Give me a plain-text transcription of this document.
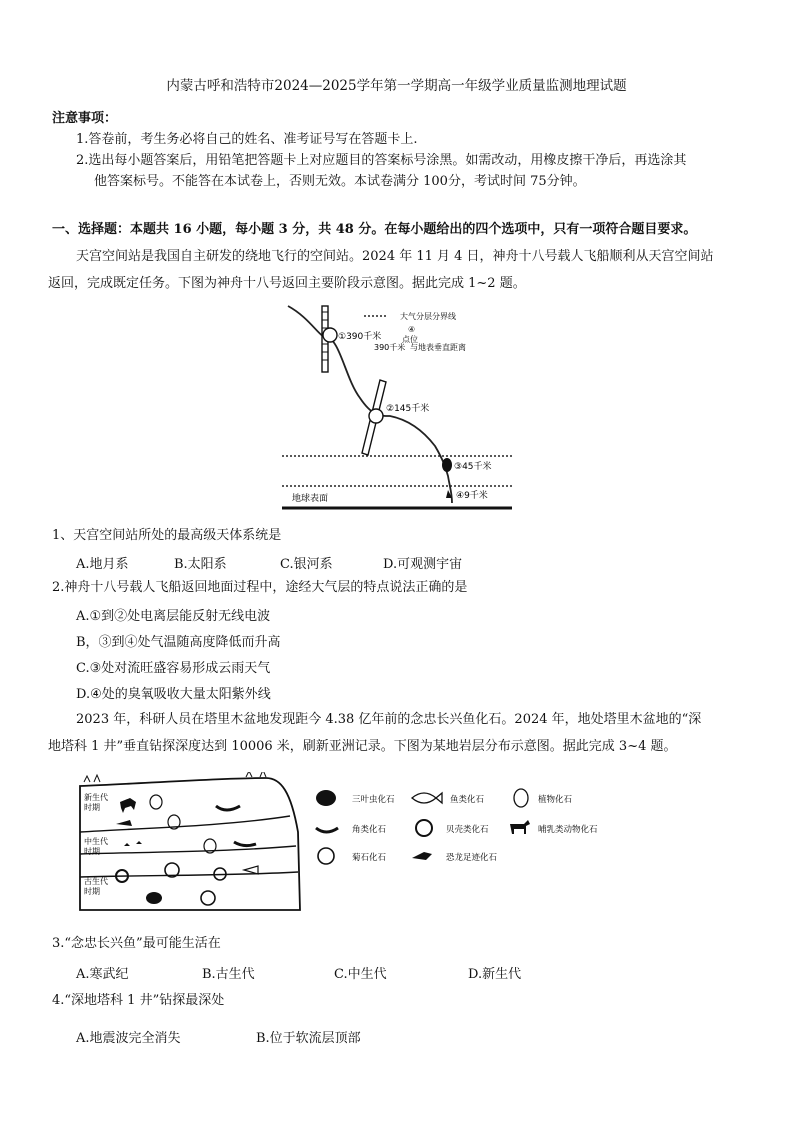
内蒙古呼和浩特市2024—2025学年第一学期高一年级学业质量监测地理试题
注意事项：
1.答卷前，考生务必将自己的姓名、准考证号写在答题卡上.
2.选出每小题答案后，用铅笔把答题卡上对应题目的答案标号涂黑。如需改动，用橡皮擦干净后，再选涂其
他答案标号。不能答在本试卷上，否则无效。本试卷满分 100分，考试时间 75分钟。
一、选择题：本题共 16 小题，每小题 3 分，共 48 分。在每小题给出的四个选项中，只有一项符合题目要求。
天宫空间站是我国自主研发的绕地飞行的空间站。2024 年 11 月 4 日，神舟十八号载人飞船顺利从天宫空间站
返回，完成既定任务。下图为神舟十八号返回主要阶段示意图。据此完成 1~2 题。
①390千米
②145千米
③45千米
④9千米
地球表面
大气分层分界线
④
点位
390千米 与地表垂直距离
1、天宫空间站所处的最高级天体系统是
A.地月系	B.太阳系	C.银河系	D.可观测宇宙
2.神舟十八号载人飞船返回地面过程中，途经大气层的特点说法正确的是
A.①到②处电离层能反射无线电波
B，③到④处气温随高度降低而升高
C.③处对流旺盛容易形成云雨天气
D.④处的臭氧吸收大量太阳紫外线
2023 年，科研人员在塔里木盆地发现距今 4.38 亿年前的念忠长兴鱼化石。2024 年，地处塔里木盆地的“深
地塔科 1 井”垂直钻探深度达到 10006 米，刷新亚洲记录。下图为某地岩层分布示意图。据此完成 3~4 题。
新生代时期
中生代时期
古生代时期
三叶虫化石	鱼类化石	植物化石
角类化石	贝壳类化石	哺乳类动物化石
菊石化石	恐龙足迹化石
3.“念忠长兴鱼”最可能生活在
A.寒武纪	B.古生代	C.中生代	D.新生代
4.“深地塔科 1 井”钻探最深处
A.地震波完全消失	B.位于软流层顶部
